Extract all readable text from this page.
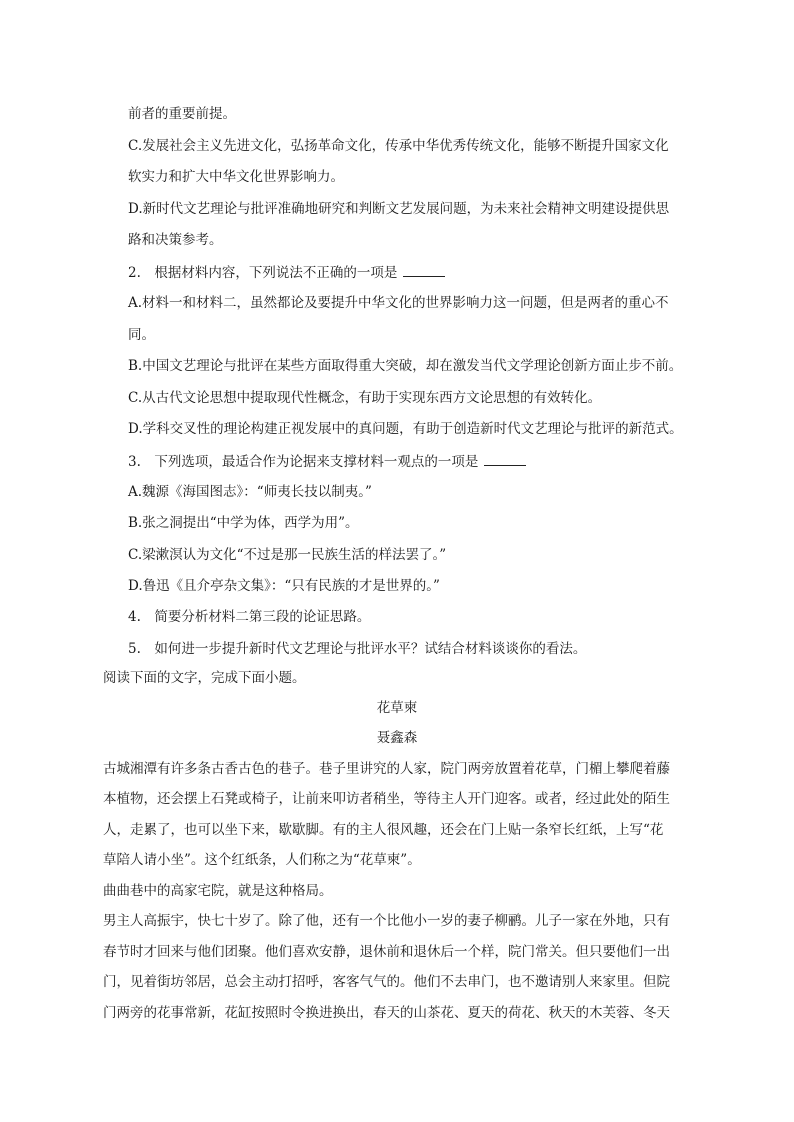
前者的重要前提。
C.发展社会主义先进文化，弘扬革命文化，传承中华优秀传统文化，能够不断提升国家文化
软实力和扩大中华文化世界影响力。
D.新时代文艺理论与批评准确地研究和判断文艺发展问题，为未来社会精神文明建设提供思
路和决策参考。
2.　根据材料内容，下列说法不正确的一项是
A.材料一和材料二，虽然都论及要提升中华文化的世界影响力这一问题，但是两者的重心不
同。
B.中国文艺理论与批评在某些方面取得重大突破，却在激发当代文学理论创新方面止步不前。
C.从古代文论思想中提取现代性概念，有助于实现东西方文论思想的有效转化。
D.学科交叉性的理论构建正视发展中的真问题，有助于创造新时代文艺理论与批评的新范式。
3.　下列选项，最适合作为论据来支撑材料一观点的一项是
A.魏源《海国图志》：“师夷长技以制夷。”
B.张之洞提出“中学为体，西学为用”。
C.梁漱溟认为文化“不过是那一民族生活的样法罢了。”
D.鲁迅《且介亭杂文集》：“只有民族的才是世界的。”
4.　简要分析材料二第三段的论证思路。
5.　如何进一步提升新时代文艺理论与批评水平？试结合材料谈谈你的看法。
阅读下面的文字，完成下面小题。
花草柬
聂鑫森
古城湘潭有许多条古香古色的巷子。巷子里讲究的人家，院门两旁放置着花草，门楣上攀爬着藤
本植物，还会摆上石凳或椅子，让前来叩访者稍坐，等待主人开门迎客。或者，经过此处的陌生
人，走累了，也可以坐下来，歇歇脚。有的主人很风趣，还会在门上贴一条窄长红纸，上写“花
草陪人请小坐”。这个红纸条，人们称之为“花草柬”。
曲曲巷中的高家宅院，就是这种格局。
男主人高振宇，快七十岁了。除了他，还有一个比他小一岁的妻子柳鹂。儿子一家在外地，只有
春节时才回来与他们团聚。他们喜欢安静，退休前和退休后一个样，院门常关。但只要他们一出
门，见着街坊邻居，总会主动打招呼，客客气气的。他们不去串门，也不邀请别人来家里。但院
门两旁的花事常新，花缸按照时令换进换出，春天的山茶花、夏天的荷花、秋天的木芙蓉、冬天
